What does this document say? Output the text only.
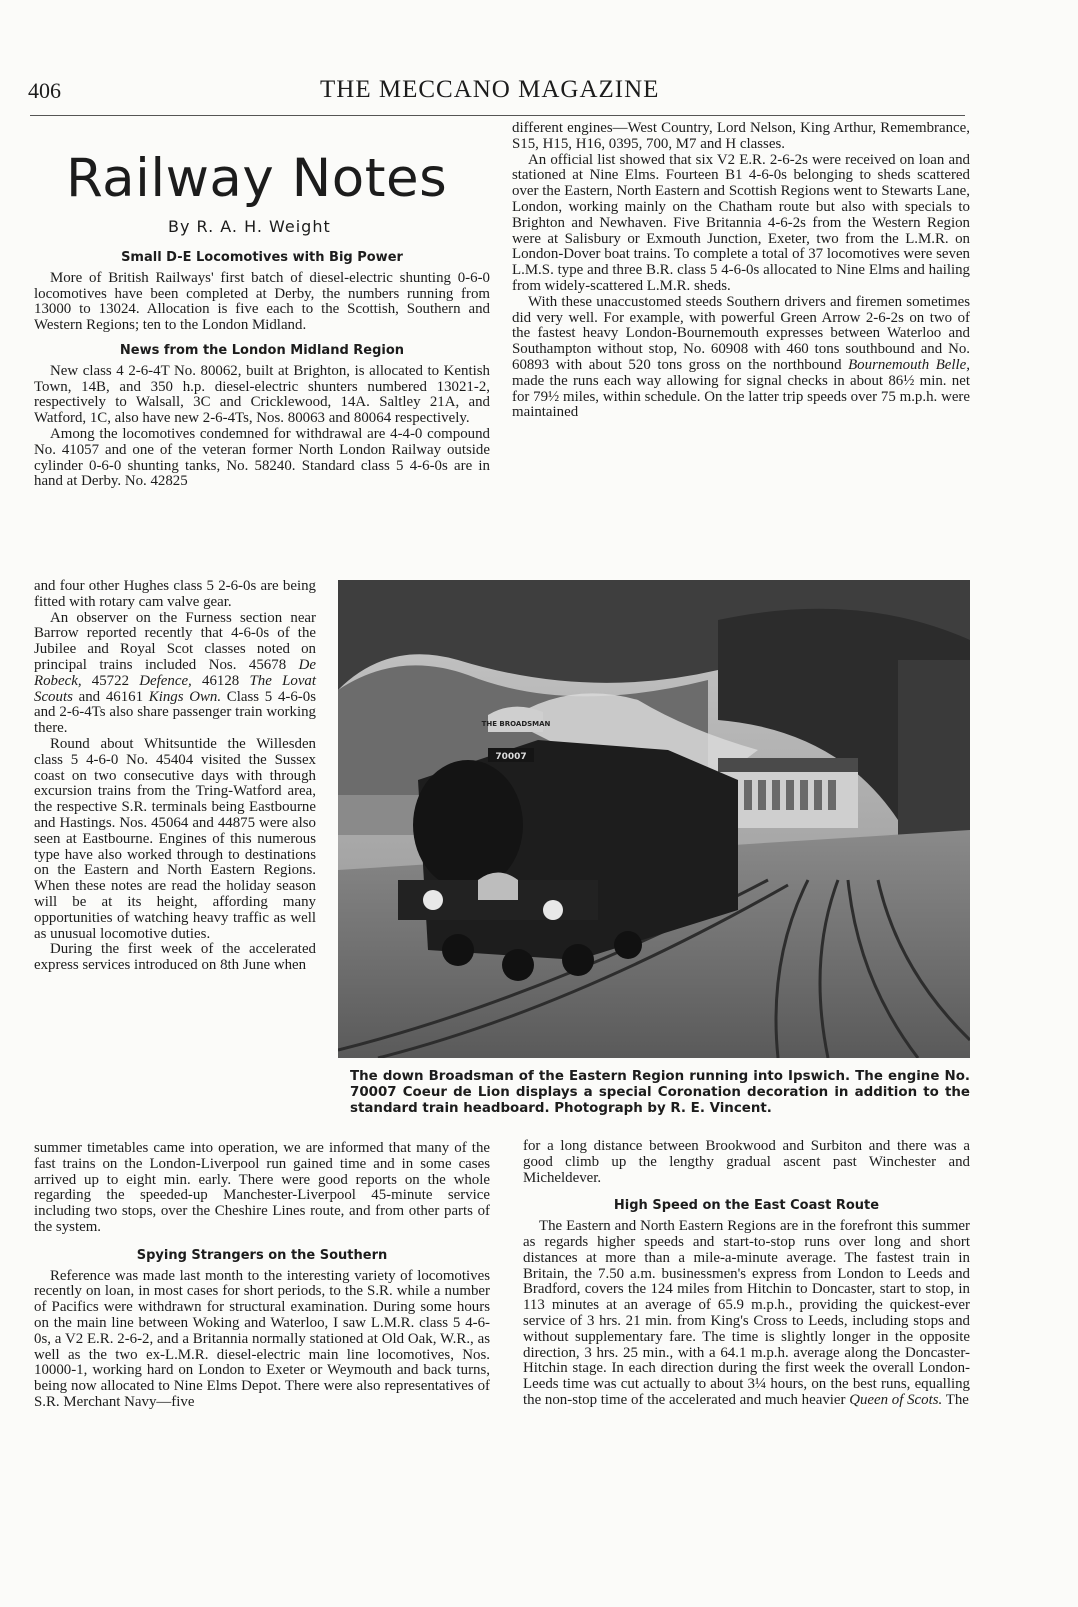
406	THE MECCANO MAGAZINE
Railway Notes
By R. A. H. Weight
Small D-E Locomotives with Big Power

More of British Railways' first batch of diesel-electric shunting 0-6-0 locomotives have been completed at Derby, the numbers running from 13000 to 13024. Allocation is five each to the Scottish, Southern and Western Regions; ten to the London Midland.

News from the London Midland Region

New class 4 2-6-4T No. 80062, built at Brighton, is allocated to Kentish Town, 14B, and 350 h.p. diesel-electric shunters numbered 13021-2, respectively to Walsall, 3C and Cricklewood, 14A. Saltley 21A, and Watford, 1C, also have new 2-6-4Ts, Nos. 80063 and 80064 respectively.

Among the locomotives condemned for withdrawal are 4-4-0 compound No. 41057 and one of the veteran former North London Railway outside cylinder 0-6-0 shunting tanks, No. 58240. Standard class 5 4-6-0s are in hand at Derby. No. 42825

and four other Hughes class 5 2-6-0s are being fitted with rotary cam valve gear.

An observer on the Furness section near Barrow reported recently that 4-6-0s of the Jubilee and Royal Scot classes noted on principal trains included Nos. 45678 De Robeck, 45722 Defence, 46128 The Lovat Scouts and 46161 Kings Own. Class 5 4-6-0s and 2-6-4Ts also share passenger train working there.

Round about Whitsuntide the Willesden class 5 4-6-0 No. 45404 visited the Sussex coast on two consecutive days with through excursion trains from the Tring-Watford area, the respective S.R. terminals being Eastbourne and Hastings. Nos. 45064 and 44875 were also seen at Eastbourne. Engines of this numerous type have also worked through to destinations on the Eastern and North Eastern Regions. When these notes are read the holiday season will be at its height, affording many opportunities of watching heavy traffic as well as unusual locomotive duties.

During the first week of the accelerated express services introduced on 8th June when

summer timetables came into operation, we are informed that many of the fast trains on the London-Liverpool run gained time and in some cases arrived up to eight min. early. There were good reports on the whole regarding the speeded-up Manchester-Liverpool 45-minute service including two stops, over the Cheshire Lines route, and from other parts of the system.

Spying Strangers on the Southern

Reference was made last month to the interesting variety of locomotives recently on loan, in most cases for short periods, to the S.R. while a number of Pacifics were withdrawn for structural examination. During some hours on the main line between Woking and Waterloo, I saw L.M.R. class 5 4-6-0s, a V2 E.R. 2-6-2, and a Britannia normally stationed at Old Oak, W.R., as well as the two ex-L.M.R. diesel-electric main line locomotives, Nos. 10000-1, working hard on London to Exeter or Weymouth and back turns, being now allocated to Nine Elms Depot. There were also representatives of S.R. Merchant Navy—five

different engines—West Country, Lord Nelson, King Arthur, Remembrance, S15, H15, H16, 0395, 700, M7 and H classes.

An official list showed that six V2 E.R. 2-6-2s were received on loan and stationed at Nine Elms. Fourteen B1 4-6-0s belonging to sheds scattered over the Eastern, North Eastern and Scottish Regions went to Stewarts Lane, London, working mainly on the Chatham route but also with specials to Brighton and Newhaven. Five Britannia 4-6-2s from the Western Region were at Salisbury or Exmouth Junction, Exeter, two from the L.M.R. on London-Dover boat trains. To complete a total of 37 locomotives were seven L.M.S. type and three B.R. class 5 4-6-0s allocated to Nine Elms and hailing from widely-scattered L.M.R. sheds.

With these unaccustomed steeds Southern drivers and firemen sometimes did very well. For example, with powerful Green Arrow 2-6-2s on two of the fastest heavy London-Bournemouth expresses between Waterloo and Southampton without stop, No. 60908 with 460 tons southbound and No. 60893 with about 520 tons gross on the northbound Bournemouth Belle, made the runs each way allowing for signal checks in about 86½ min. net for 79½ miles, within schedule. On the latter trip speeds over 75 m.p.h. were maintained

THE BROADSMAN
70007

The down Broadsman of the Eastern Region running into Ipswich. The engine No. 70007 Coeur de Lion displays a special Coronation decoration in addition to the standard train headboard. Photograph by R. E. Vincent.

for a long distance between Brookwood and Surbiton and there was a good climb up the lengthy gradual ascent past Winchester and Micheldever.

High Speed on the East Coast Route

The Eastern and North Eastern Regions are in the forefront this summer as regards higher speeds and start-to-stop runs over long and short distances at more than a mile-a-minute average. The fastest train in Britain, the 7.50 a.m. businessmen's express from London to Leeds and Bradford, covers the 124 miles from Hitchin to Doncaster, start to stop, in 113 minutes at an average of 65.9 m.p.h., providing the quickest-ever service of 3 hrs. 21 min. from King's Cross to Leeds, including stops and without supplementary fare. The time is slightly longer in the opposite direction, 3 hrs. 25 min., with a 64.1 m.p.h. average along the Doncaster-Hitchin stage. In each direction during the first week the overall London-Leeds time was cut actually to about 3¼ hours, on the best runs, equalling the non-stop time of the accelerated and much heavier Queen of Scots. The
